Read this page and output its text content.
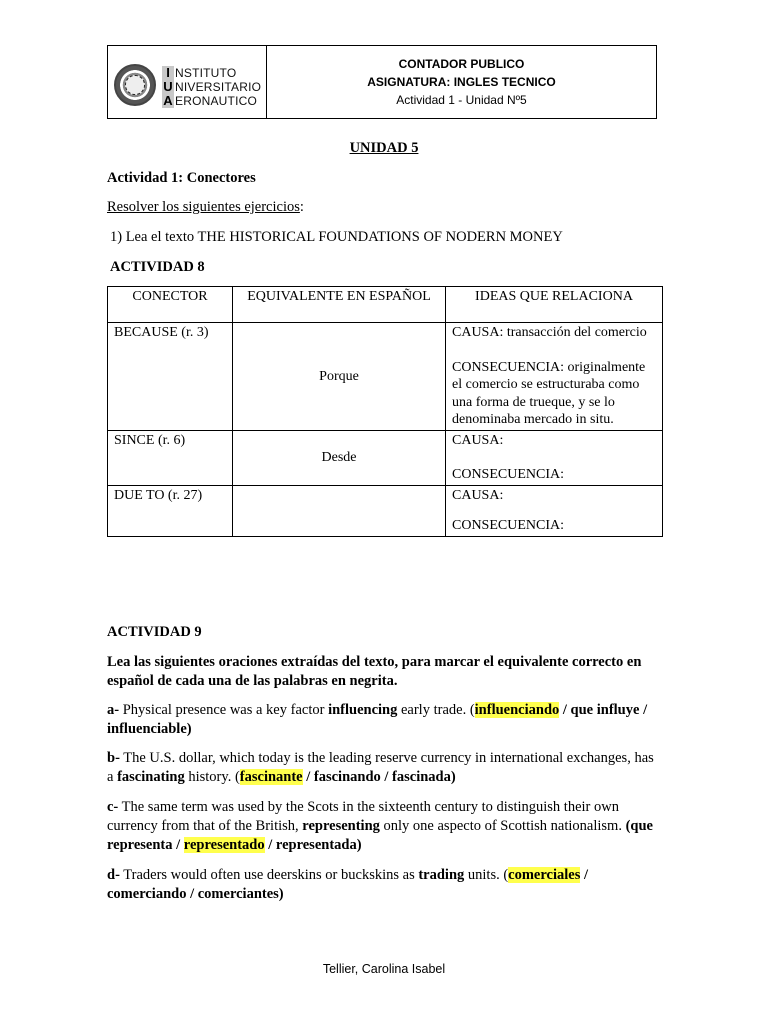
I
U
A
NSTITUTO
NIVERSITARIO
ERONAUTICO
CONTADOR PUBLICO
ASIGNATURA: INGLES TECNICO
Actividad 1 - Unidad Nº5
UNIDAD 5
Actividad 1: Conectores
Resolver los siguientes ejercicios:
1) Lea el texto THE HISTORICAL FOUNDATIONS OF NODERN MONEY
ACTIVIDAD 8
CONECTOR	EQUIVALENTE EN ESPAÑOL	IDEAS QUE RELACIONA
BECAUSE (r. 3)	Porque	CAUSA: transacción del comercio
CONSECUENCIA: originalmente el comercio se estructuraba como una forma de trueque, y se lo denominaba mercado in situ.

SINCE (r. 6)	Desde	CAUSA:
CONSECUENCIA:

DUE TO (r. 27)		CAUSA:
CONSECUENCIA:
ACTIVIDAD 9
Lea las siguientes oraciones extraídas del texto, para marcar el equivalente correcto en español de cada una de las palabras en negrita.
a- Physical presence was a key factor influencing early trade. (influenciando / que influye / influenciable)
b- The U.S. dollar, which today is the leading reserve currency in international exchanges, has a fascinating history. (fascinante / fascinando / fascinada)
c- The same term was used by the Scots in the sixteenth century to distinguish their own currency from that of the British, representing only one aspecto of Scottish nationalism. (que representa / representado / representada)
d- Traders would often use deerskins or buckskins as trading units. (comerciales / comerciando / comerciantes)
Tellier, Carolina Isabel
